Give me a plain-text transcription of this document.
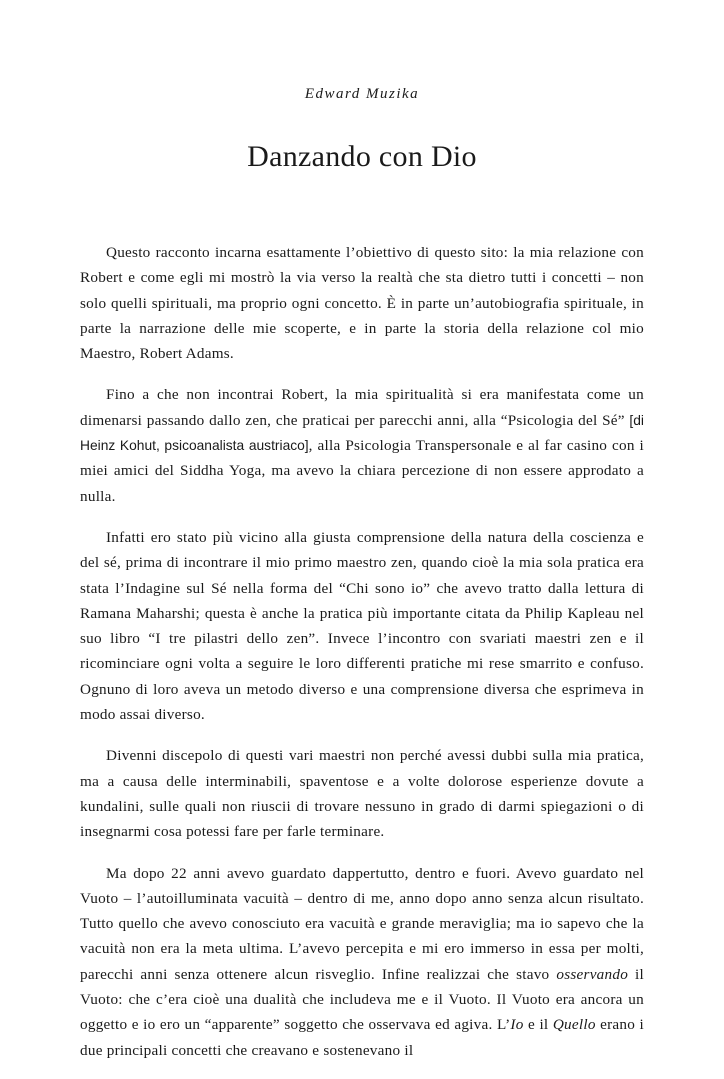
Edward Muzika
Danzando con Dio

Questo racconto incarna esattamente l’obiettivo di questo sito: la mia relazione con Robert e come egli mi mostrò la via verso la realtà che sta dietro tutti i concetti – non solo quelli spirituali, ma proprio ogni concetto. È in parte un’autobiografia spirituale, in parte la narrazione delle mie scoperte, e in parte la storia della relazione col mio Maestro, Robert Adams.

Fino a che non incontrai Robert, la mia spiritualità si era manifestata come un dimenarsi passando dallo zen, che praticai per parecchi anni, alla “Psicologia del Sé” [di Heinz Kohut, psicoanalista austriaco], alla Psicologia Transpersonale e al far casino con i miei amici del Siddha Yoga, ma avevo la chiara percezione di non essere approdato a nulla.

Infatti ero stato più vicino alla giusta comprensione della natura della coscienza e del sé, prima di incontrare il mio primo maestro zen, quando cioè la mia sola pratica era stata l’Indagine sul Sé nella forma del “Chi sono io” che avevo tratto dalla lettura di Ramana Maharshi; questa è anche la pratica più importante citata da Philip Kapleau nel suo libro “I tre pilastri dello zen”. Invece l’incontro con svariati maestri zen e il ricominciare ogni volta a seguire le loro differenti pratiche mi rese smarrito e confuso. Ognuno di loro aveva un metodo diverso e una comprensione diversa che esprimeva in modo assai diverso.

Divenni discepolo di questi vari maestri non perché avessi dubbi sulla mia pratica, ma a causa delle interminabili, spaventose e a volte dolorose esperienze dovute a kundalini, sulle quali non riuscii di trovare nessuno in grado di darmi spiegazioni o di insegnarmi cosa potessi fare per farle terminare.

Ma dopo 22 anni avevo guardato dappertutto, dentro e fuori. Avevo guardato nel Vuoto – l’autoilluminata vacuità – dentro di me, anno dopo anno senza alcun risultato. Tutto quello che avevo conosciuto era vacuità e grande meraviglia; ma io sapevo che la vacuità non era la meta ultima. L’avevo percepita e mi ero immerso in essa per molti, parecchi anni senza ottenere alcun risveglio. Infine realizzai che stavo osservando il Vuoto: che c’era cioè una dualità che includeva me e il Vuoto. Il Vuoto era ancora un oggetto e io ero un “apparente” soggetto che osservava ed agiva. L’Io e il Quello erano i due principali concetti che creavano e sostenevano il
